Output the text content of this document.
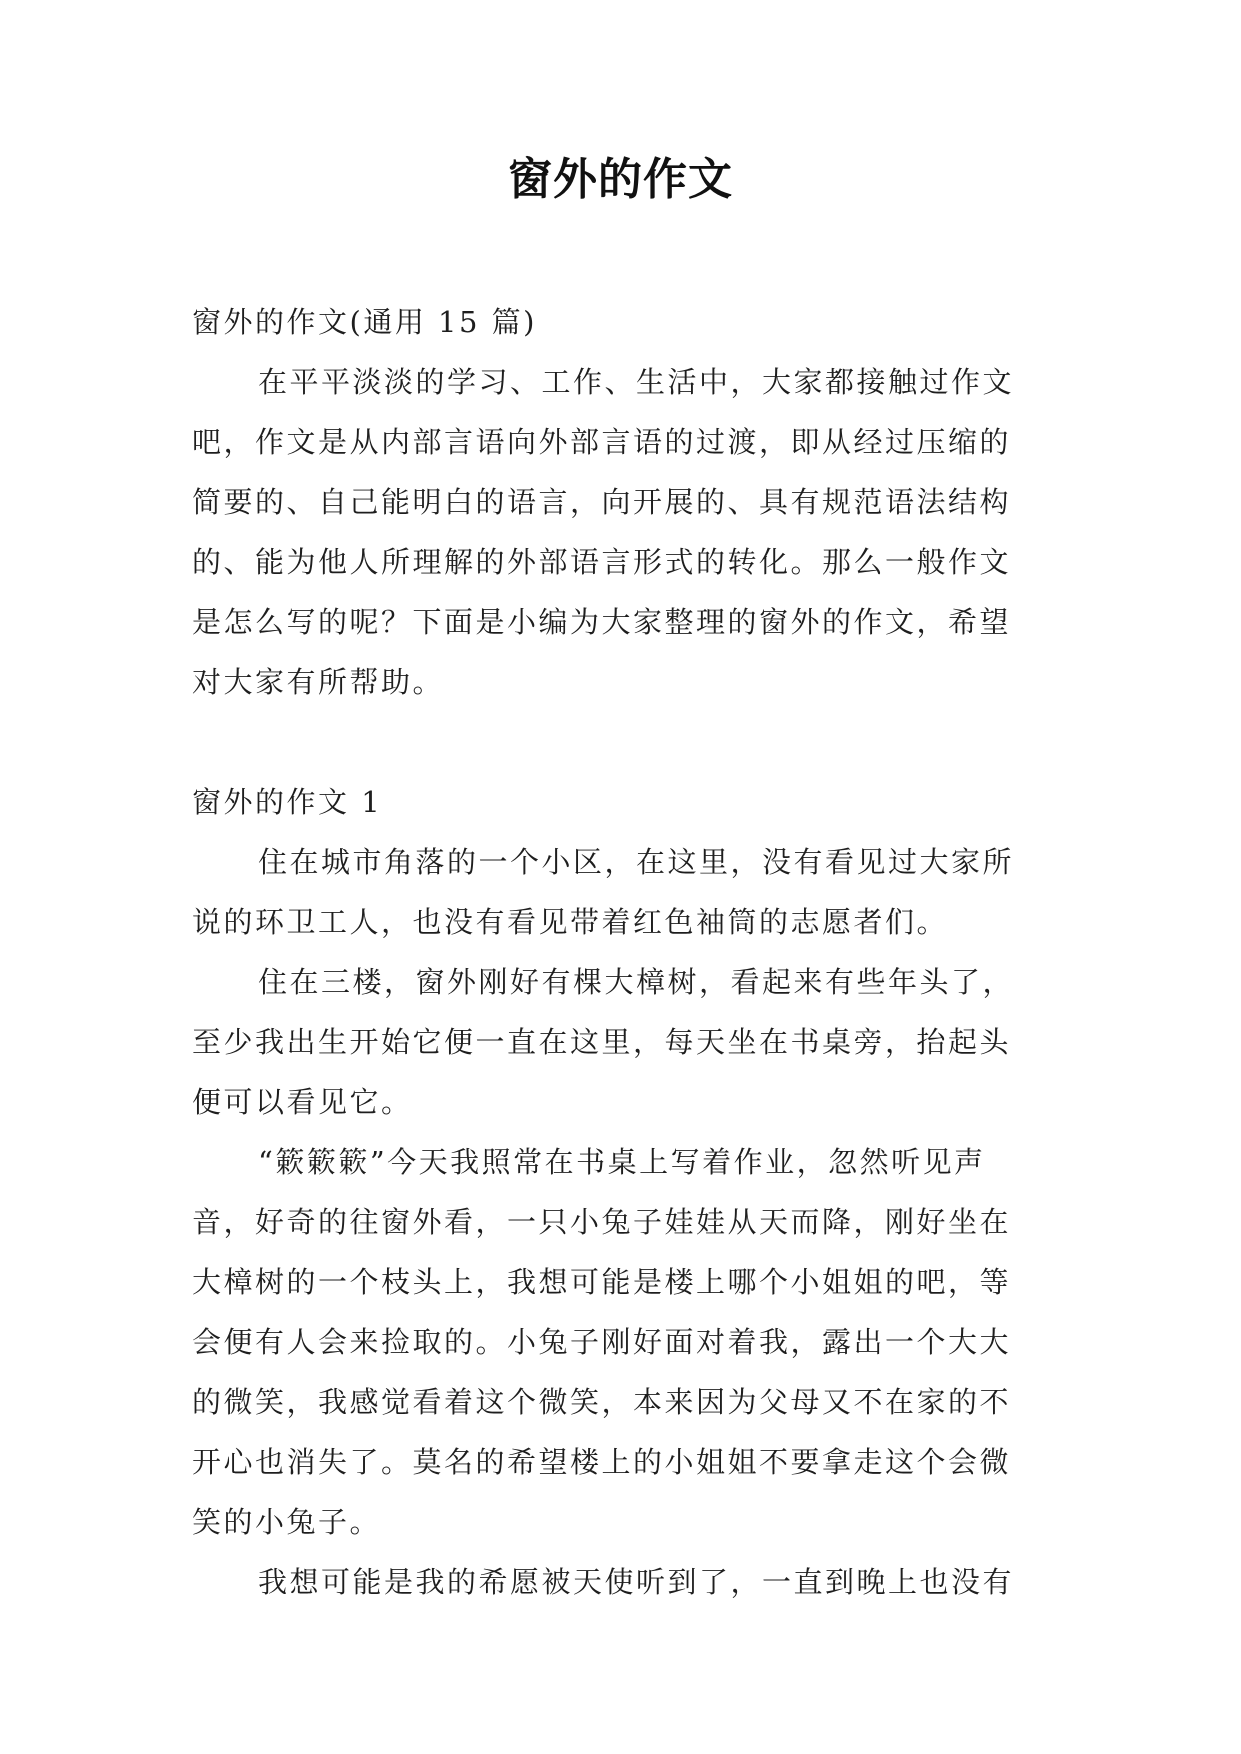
窗外的作文
窗外的作文(通用 15 篇)
在平平淡淡的学习、工作、生活中，大家都接触过作文
吧，作文是从内部言语向外部言语的过渡，即从经过压缩的
简要的、自己能明白的语言，向开展的、具有规范语法结构
的、能为他人所理解的外部语言形式的转化。那么一般作文
是怎么写的呢？下面是小编为大家整理的窗外的作文，希望
对大家有所帮助。
窗外的作文 1
住在城市角落的一个小区，在这里，没有看见过大家所
说的环卫工人，也没有看见带着红色袖筒的志愿者们。
住在三楼，窗外刚好有棵大樟树，看起来有些年头了，
至少我出生开始它便一直在这里，每天坐在书桌旁，抬起头
便可以看见它。
“簌簌簌”今天我照常在书桌上写着作业，忽然听见声
音，好奇的往窗外看，一只小兔子娃娃从天而降，刚好坐在
大樟树的一个枝头上，我想可能是楼上哪个小姐姐的吧，等
会便有人会来捡取的。小兔子刚好面对着我，露出一个大大
的微笑，我感觉看着这个微笑，本来因为父母又不在家的不
开心也消失了。莫名的希望楼上的小姐姐不要拿走这个会微
笑的小兔子。
我想可能是我的希愿被天使听到了，一直到晚上也没有
